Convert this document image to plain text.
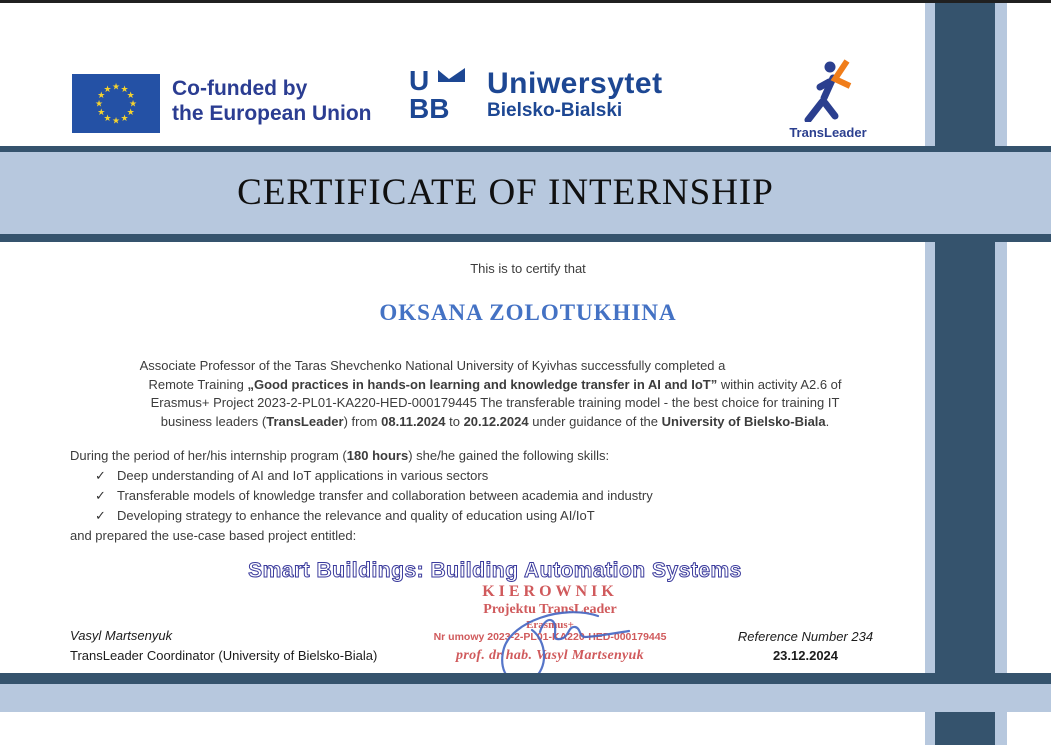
★ ★
★
★
★
★
★
★
★
★
★
★	Co-funded by
the European Union
U
BB
Uniwersytet
Bielsko-Bialski
TransLeader
CERTIFICATE OF INTERNSHIP
This is to certify that
OKSANA ZOLOTUKHINA
Associate Professor of the Taras Shevchenko National University of Kyivhas successfully completed a
Remote Training „Good practices in hands-on learning and knowledge transfer in AI and IoT” within activity A2.6 of
Erasmus+ Project 2023-2-PL01-KA220-HED-000179445 The transferable training model - the best choice for training IT
business leaders (TransLeader) from 08.11.2024 to 20.12.2024 under guidance of the University of Bielsko-Biala.
During the period of her/his internship program (180 hours) she/he gained the following skills:
✓ Deep understanding of AI and IoT applications in various sectors
✓ Transferable models of knowledge transfer and collaboration between academia and industry
✓ Developing strategy to enhance the relevance and quality of education using AI/IoT
and prepared the use-case based project entitled:
Smart Buildings: Building Automation Systems
KIEROWNIK
Projektu TransLeader
Erasmus+
Nr umowy 2023-2-PL01-KA220-HED-000179445
prof. dr hab. Vasyl Martsenyuk
Vasyl Martsenyuk
TransLeader Coordinator (University of Bielsko-Biala)
Reference Number 234
23.12.2024
